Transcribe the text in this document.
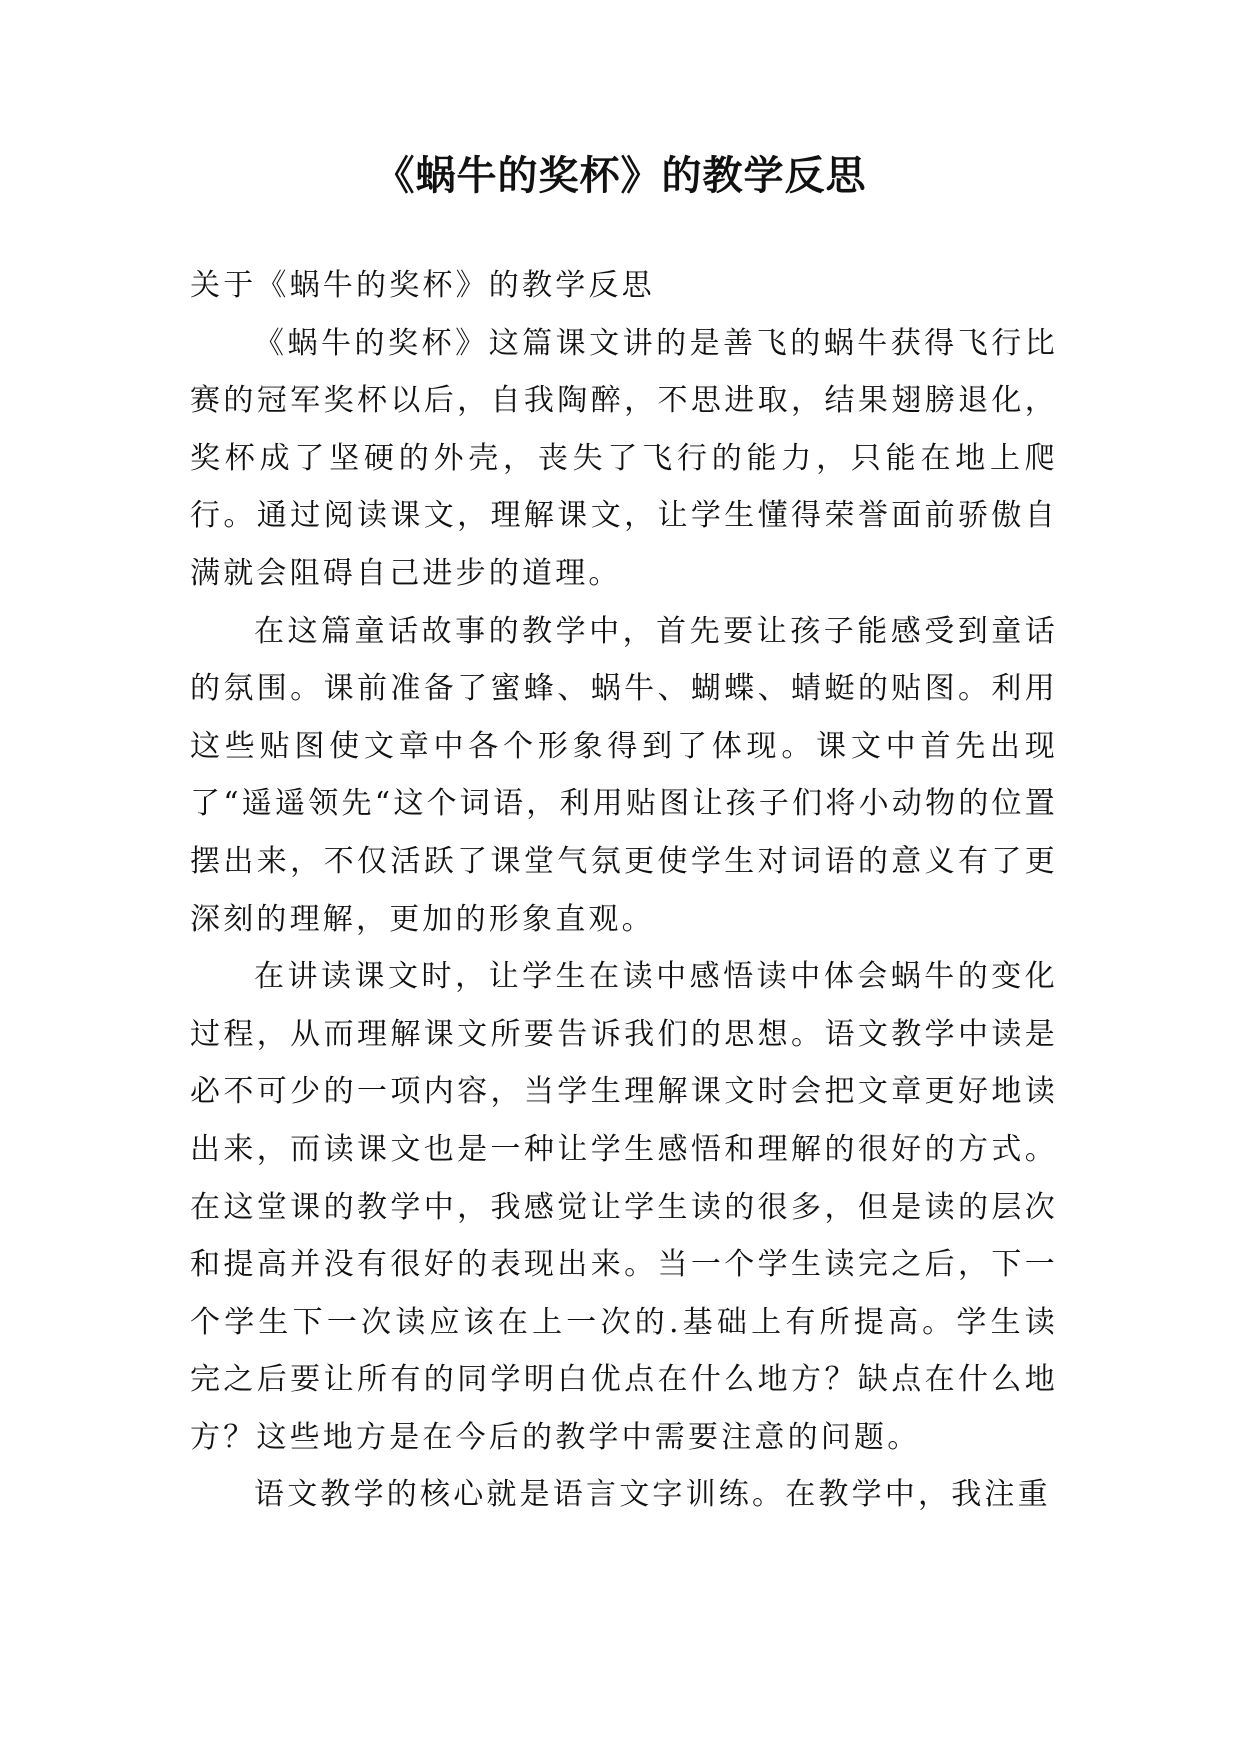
《蜗牛的奖杯》的教学反思

关于《蜗牛的奖杯》的教学反思

《蜗牛的奖杯》这篇课文讲的是善飞的蜗牛获得飞行比赛的冠军奖杯以后，自我陶醉，不思进取，结果翅膀退化，奖杯成了坚硬的外壳，丧失了飞行的能力，只能在地上爬行。通过阅读课文，理解课文，让学生懂得荣誉面前骄傲自满就会阻碍自己进步的道理。

在这篇童话故事的教学中，首先要让孩子能感受到童话的氛围。课前准备了蜜蜂、蜗牛、蝴蝶、蜻蜓的贴图。利用这些贴图使文章中各个形象得到了体现。课文中首先出现了“遥遥领先“这个词语，利用贴图让孩子们将小动物的位置摆出来，不仅活跃了课堂气氛更使学生对词语的意义有了更深刻的理解，更加的形象直观。

在讲读课文时，让学生在读中感悟读中体会蜗牛的变化过程，从而理解课文所要告诉我们的思想。语文教学中读是必不可少的一项内容，当学生理解课文时会把文章更好地读出来，而读课文也是一种让学生感悟和理解的很好的方式。在这堂课的教学中，我感觉让学生读的很多，但是读的层次和提高并没有很好的表现出来。当一个学生读完之后，下一个学生下一次读应该在上一次的.基础上有所提高。学生读完之后要让所有的同学明白优点在什么地方？缺点在什么地方？这些地方是在今后的教学中需要注意的问题。

语文教学的核心就是语言文字训练。在教学中，我注重
